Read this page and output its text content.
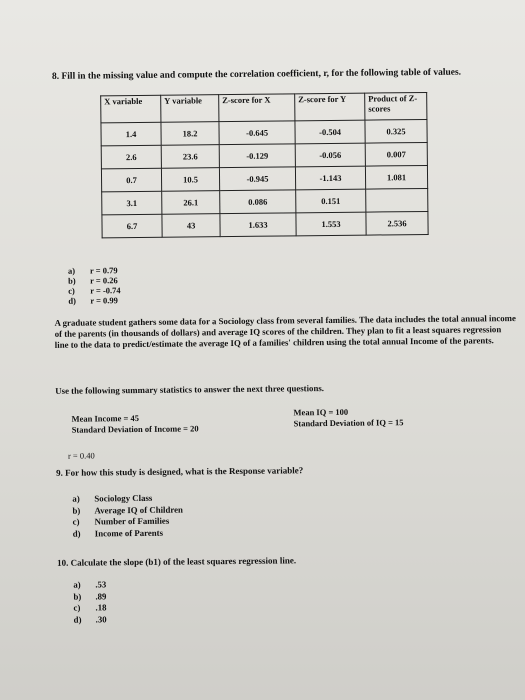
8. Fill in the missing value and compute the correlation coefficient, r, for the following table of values.
X variable	Y variable	Z-score for X	Z-score for Y	Product of Z-scores
1.4	18.2	-0.645	-0.504	0.325
2.6	23.6	-0.129	-0.056	0.007
0.7	10.5	-0.945	-1.143	1.081
3.1	26.1	0.086	0.151	
6.7	43	1.633	1.553	2.536
a)	r = 0.79
b)	r = 0.26
c)	r = -0.74
d)	r = 0.99
A graduate student gathers some data for a Sociology class from several families. The data includes the total annual income of the parents (in thousands of dollars) and average IQ scores of the children. They plan to fit a least squares regression line to the data to predict/estimate the average IQ of a families' children using the total annual Income of the parents.
Use the following summary statistics to answer the next three questions.
Mean Income = 45
Standard Deviation of Income = 20
Mean IQ = 100
Standard Deviation of IQ = 15
r = 0.40
9. For how this study is designed, what is the Response variable?
a)	Sociology Class
b)	Average IQ of Children
c)	Number of Families
d)	Income of Parents
10. Calculate the slope (b1) of the least squares regression line.
a)	.53
b)	.89
c)	.18
d)	.30
